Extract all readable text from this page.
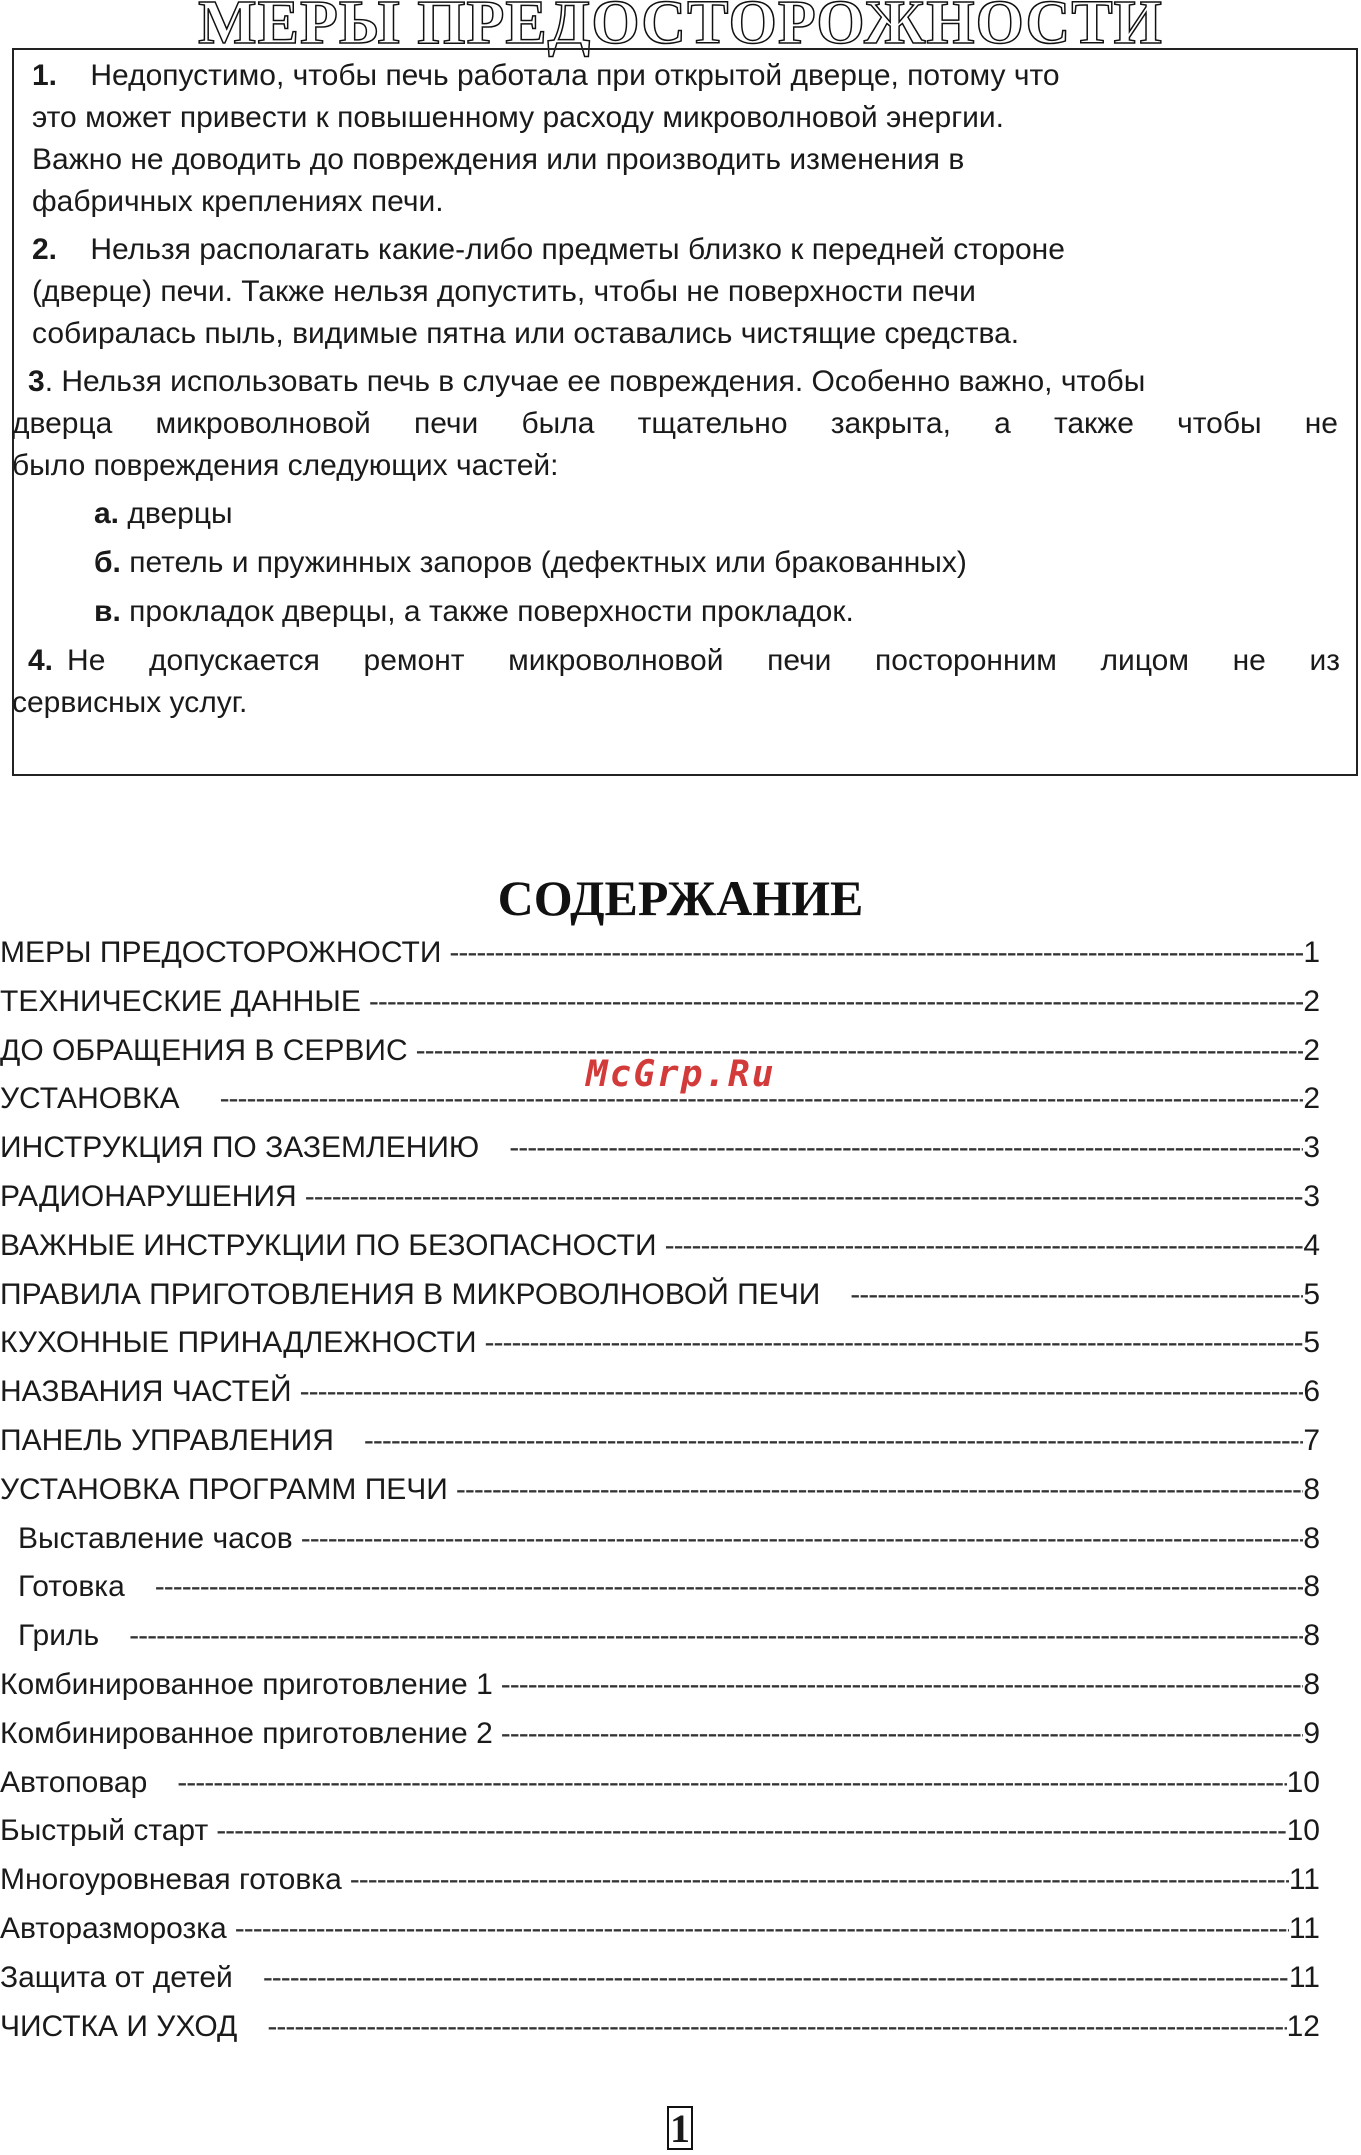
МЕРЫ ПРЕДОСТОРОЖНОСТИ
1. Недопустимо, чтобы печь работала при открытой дверце, потому что
это может привести к повышенному расходу микроволновой энергии.
Важно не доводить до повреждения или производить изменения в
фабричных креплениях печи.
2. Нельзя располагать какие-либо предметы близко к передней стороне
(дверце) печи. Также нельзя допустить, чтобы не поверхности печи
собиралась пыль, видимые пятна или оставались чистящие средства.
3. Нельзя использовать печь в случае ее повреждения. Особенно важно, чтобы
дверца микроволновой печи была тщательно закрыта, а также чтобы не
было повреждения следующих частей:
а. дверцы
б. петель и пружинных запоров (дефектных или бракованных)
в. прокладок дверцы, а также поверхности прокладок.
4. Не допускается ремонт микроволновой печи посторонним лицом не из
сервисных услуг.
СОДЕРЖАНИЕ
МЕРЫ ПРЕДОСТОРОЖНОСТИ -----	1
ТЕХНИЧЕСКИЕ ДАННЫЕ -----	2
ДО ОБРАЩЕНИЯ В СЕРВИС -----	2
УСТАНОВКА -----	2
ИНСТРУКЦИЯ ПО ЗАЗЕМЛЕНИЮ -----	3
РАДИОНАРУШЕНИЯ -----	3
ВАЖНЫЕ ИНСТРУКЦИИ ПО БЕЗОПАСНОСТИ -----	4
ПРАВИЛА ПРИГОТОВЛЕНИЯ В МИКРОВОЛНОВОЙ ПЕЧИ -----	5
КУХОННЫЕ ПРИНАДЛЕЖНОСТИ -----	5
НАЗВАНИЯ ЧАСТЕЙ -----	6
ПАНЕЛЬ УПРАВЛЕНИЯ -----	7
УСТАНОВКА ПРОГРАММ ПЕЧИ -----	8
Выставление часов -----	8
Готовка -----	8
Гриль -----	8
Комбинированное приготовление 1 -----	8
Комбинированное приготовление 2 -----	9
Автоповар -----	10
Быстрый старт -----	10
Многоуровневая готовка -----	11
Авторазморозка -----	11
Защита от детей -----	11
ЧИСТКА И УХОД -----	12
McGrp.Ru
1
